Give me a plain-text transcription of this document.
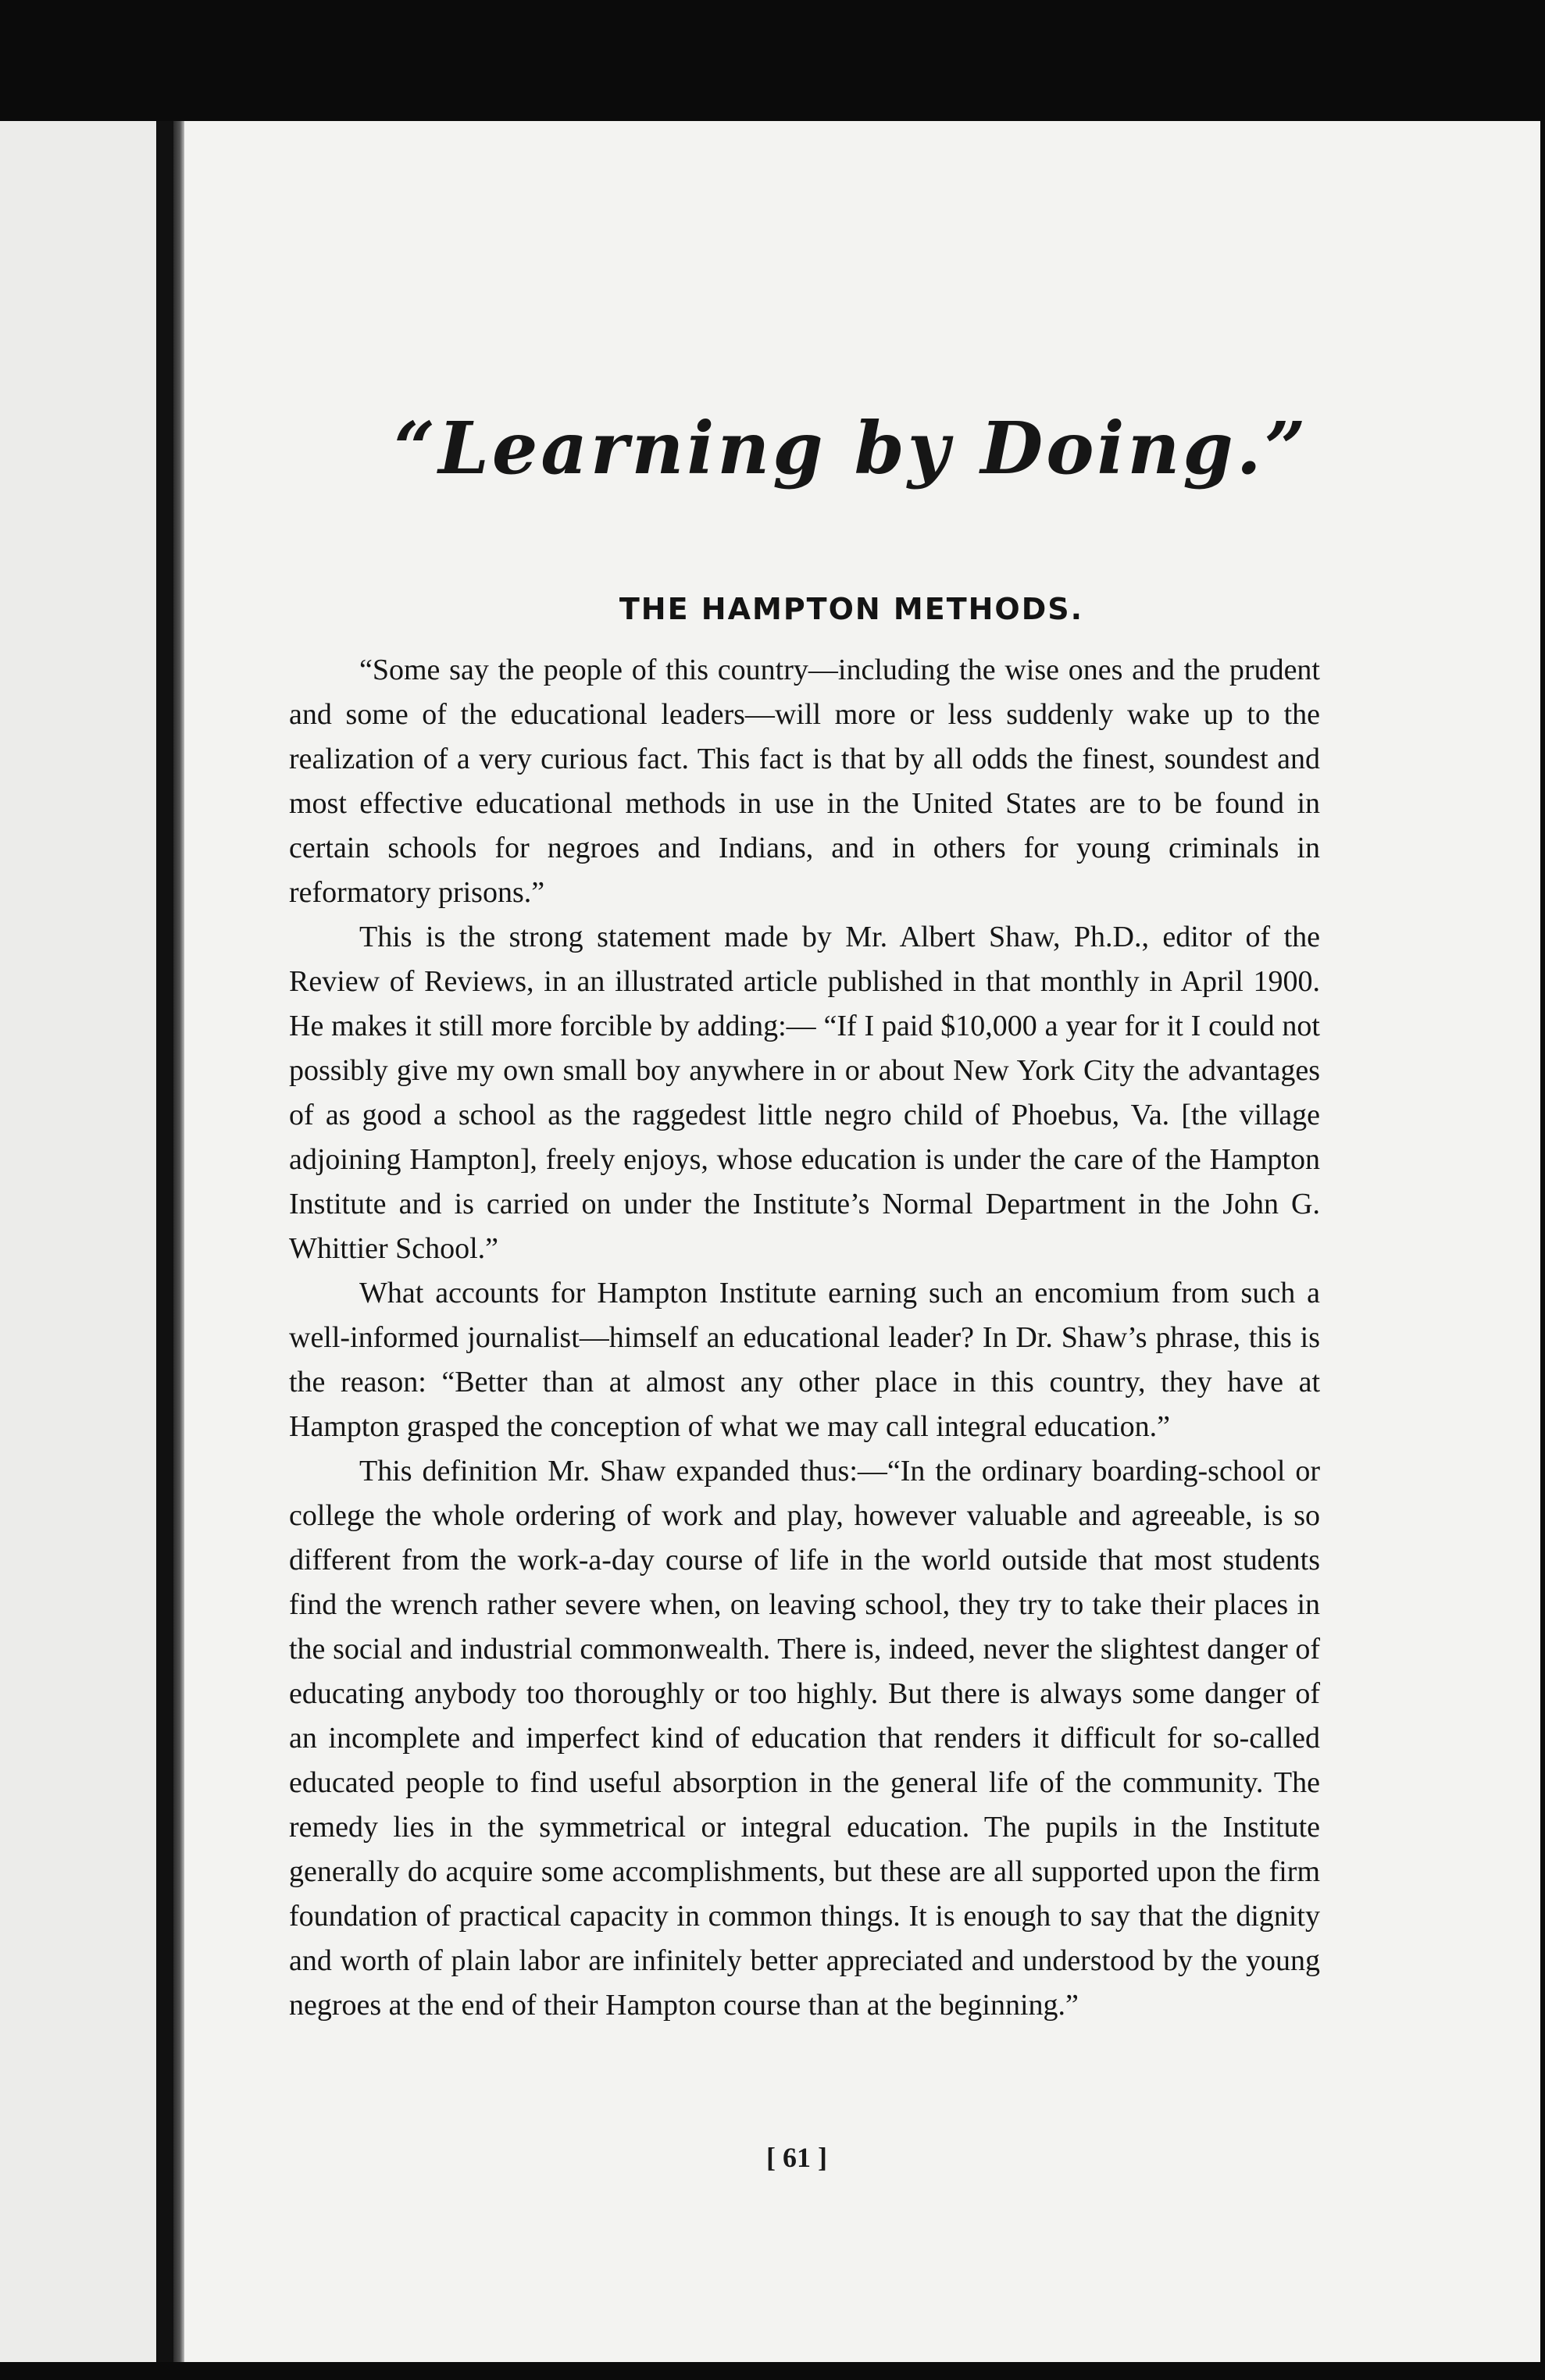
“Learning by Doing.”
THE HAMPTON METHODS.

“Some say the people of this country—including the wise ones and the prudent and some of the educational leaders—will more or less suddenly wake up to the realization of a very curious fact. This fact is that by all odds the finest, soundest and most effective educational methods in use in the United States are to be found in certain schools for negroes and Indians, and in others for young criminals in reformatory prisons.”

This is the strong statement made by Mr. Albert Shaw, Ph.D., editor of the Review of Reviews, in an illustrated article published in that monthly in April 1900. He makes it still more forcible by adding:— “If I paid $10,000 a year for it I could not possibly give my own small boy anywhere in or about New York City the advantages of as good a school as the raggedest little negro child of Phoebus, Va. [the village adjoining Hampton], freely enjoys, whose education is under the care of the Hampton Institute and is carried on under the Institute’s Normal Department in the John G. Whittier School.”

What accounts for Hampton Institute earning such an encomium from such a well-informed journalist—himself an educational leader? In Dr. Shaw’s phrase, this is the reason: “Better than at almost any other place in this country, they have at Hampton grasped the conception of what we may call integral education.”

This definition Mr. Shaw expanded thus:—“In the ordinary boarding-school or college the whole ordering of work and play, however valuable and agreeable, is so different from the work-a-day course of life in the world outside that most students find the wrench rather severe when, on leaving school, they try to take their places in the social and industrial commonwealth. There is, indeed, never the slightest danger of educating anybody too thoroughly or too highly. But there is always some danger of an incomplete and imperfect kind of education that renders it difficult for so-called educated people to find useful absorption in the general life of the community. The remedy lies in the symmetrical or integral education. The pupils in the Institute generally do acquire some accomplishments, but these are all supported upon the firm foundation of practical capacity in common things. It is enough to say that the dignity and worth of plain labor are infinitely better appreciated and understood by the young negroes at the end of their Hampton course than at the beginning.”

[ 61 ]
